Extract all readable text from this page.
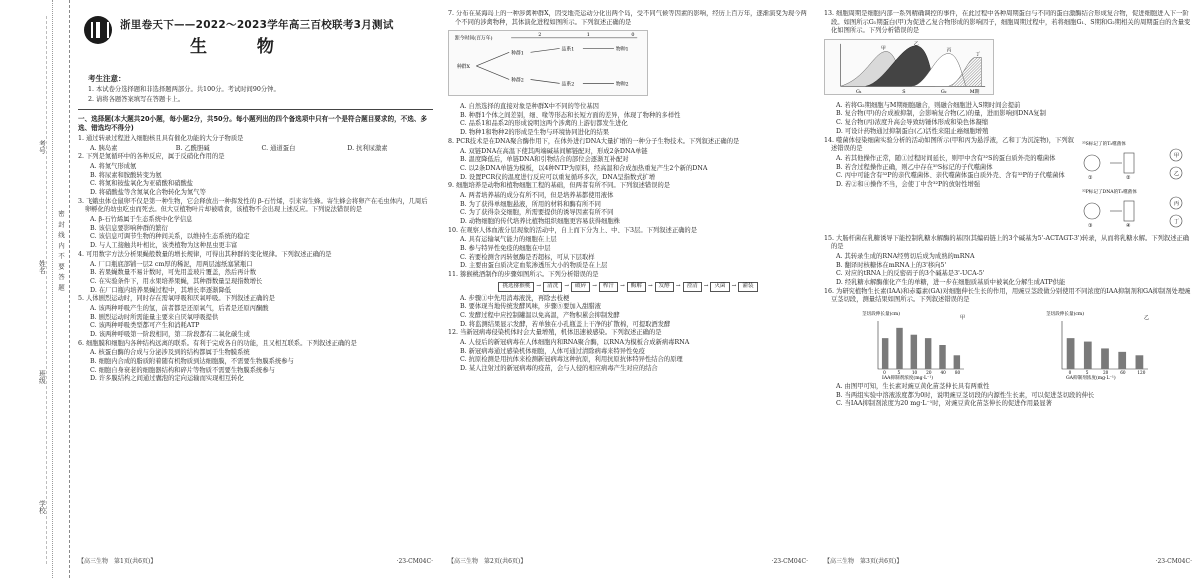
考号
姓名
班级
学校
密 封 线 内 不 要 答 题
浙里卷天下——2022～2023学年高三百校联考3月测试
生 物
考生注意：

1. 本试卷分选择题和非选择题两部分。共100分。考试时间90分钟。

2. 请将各题答案填写在答题卡上。

一、选择题(本大题共20小题，每小题2分，共50分。每小题列出的四个备选项中只有一个是符合题目要求的，不选、多选、错选均不得分)
1. 通过转录过程进入细胞核且具有催化功能的大分子物质是
A. 胰岛素	B. 乙酰胆碱	C. 通道蛋白	D. 抗利尿激素
2. 下列是氮循环中的各种反应，属于反硝化作用的是
A. 将氮气形成氨
B. 将尿素和胺酸转变为氨
C. 将氮和铵盐氧化为亚硝酸和硝酸盐
D. 将硝酸盐等含氮氧化合物转化为氮气等
3. 飞蛾虫体仓鼠卵不仅是第一种生物，它会释放出一种挥发性的 β-石竹烯，引来寄生蜂。寄生蜂会将卵产在毛虫体内，几周后卵孵化的幼虫吃虫而死去。但大豆植物叶片却被啮食，该植物不会出现上述反应。下列说法错误的是
A. β-石竹烯属于生态系统中化学信息
B. 该信息要影响种群的繁衍
C. 该信息可调节生物的种间关系，以维持生态系统的稳定
D. 与人工接触共叶相比，该类植物为这种昆虫更丰富
4. 可用数字方法分析果蝇般数量的增长规律，可得出其种群的变化规律。下列叙述正确的是
A. 厂口瓶底部铺一层2 cm厚的稀泥，用两层滤纸塞紧瓶口
B. 若果蝇数量不易计数时，可先用盖玻片覆盖，然后再计数
C. 在实验条件下，用水果培养果蝇，其种群数量呈现指数增长
D. 在厂口瓶内培养果蝇过程中，其增长率逐渐降低
5. 人体剧烈运动时，同时存在需氧呼吸和厌氧呼吸。下列叙述正确的是
A. 该两种呼吸产生的氢，前者都是还原氧气，后者是还原丙酮酸
B. 剧烈运动时所需能量主要来自厌氧呼吸提供
C. 该两种呼吸类型都可产生和消耗ATP
D. 该两种呼吸第一阶段相同，第二阶段都有二氧化碳生成
6. 细胞膜和细胞内各种结构远离的联系。有利于完成各自的功能，且又相互联系。下列叙述正确的是
A. 核蛋白酶的合成与分泌涉及到的结构都属于生物膜系统
B. 细胞内合成的脂质附着随有机物质到达细胞膜，不需要生物膜系统参与
C. 细胞自身衰老的细胞器结构和碎片等物质不需要生物膜系统参与
D. 许多膜结构之间通过囊泡的定向运输而实现相互转化
【高三生物　第1页(共6页)】	·23-CM04C·
7. 分布在某海岛上的一种涉禽种群X，因受地壳运动分化出两个岛，受不同气候等因素的影响，经历上百万年，逐渐演变为现今两个不同的涉禽物种，其体演化进程如图所示。下列叙述正确的是
距今时间(百万年)
2	1	0
种群X
种群1
种群2
品系1
品系2
物种1
物种2
A. 自然选择的直接对象是种群X中不同的等位基因
B. 种群1个体之间差别，细、喙等形态和长短方面的差异，体现了物种的多样性
C. 品系1和品系2的形成说明这两个涉禽的上游衍都发生进化
D. 物种1和物种2的形成是生物与环境协同进化的结果
8. PCR技术是在DNA聚合酶作用下，在体外进行DNA大量扩增的一种分子生物技术。下列叙述正确的是
A. 双链DNA在高温下使其两端碱基间解链配对，形成2条DNA单链
B. 温度降低后，单链DNA和引物结合的部位会逐渐互补配对
C. 以2条DNA单链为模板，以4种NTP为原料，经高温和合成加热重复产生2个新的DNA
D. 设置PCR仪的温度进行反应可以重复循环多次，DNA呈指数式扩增
9. 细胞培养是动物和植物细胞工程的基础，但两者有所不同。下列叙述错误的是
A. 两者培养基的成分有所不同，但是培养基都使用液体
B. 为了获得单细胞悬液，所用的材料和酶有所不同
C. 为了获得杂交细胞，所需要提供的诱导因素有所不同
D. 动物细胞的传代培养比植物组织细胞更容易获得细胞株
10. 在观察人体血液分层现象的活动中，自上而下分为上、中、下3层。下列叙述正确的是
A. 具有运输氧气能力的细胞在上层
B. 参与特异性免疫的细胞在中层
C. 若要检测含丙转氨酶是否超标，可从下层取样
D. 主要由蛋白质决定血浆渗透压大小的物质是在上层
11. 猕猴桃酒制作的步骤如图所示。下列分析错误的是
挑选猕猴桃	→	清洗	→	破碎	→	榨汁	→	酶解	→	发酵	→	澄清	→	灭菌	→	灌装
A. 步骤①中先用消毒液洗，再除去枝梗
B. 要体现当地传统发酵风味，步骤⑤要加入甜腊液
C. 发酵过程中应控制罐温以免高温，产物积累会抑制发酵
D. 将监测结果显示发酵，若单独在小孔瓶盖上干净的扩散棉，可提取酒发酵
12. 当新冠病毒侵染机体时会大量增殖，机体迅速被感染。下列叙述正确的是
A. 人侵后的新冠病毒在人体细胞内和RNA聚合酶，以RNA为模板合成新病毒RNA
B. 新冠病毒通过感染机体细胞，人体可通过清除病毒来特异性免疫
C. 抗原检测是用抗体来检测新冠病毒这种抗原，利用抗原抗体特异性结合的原理
D. 某人注射过的新冠病毒的疫苗，会与人侵的相应病毒产生对应的结合
【高三生物　第2页(共6页)】	·23-CM04C·
13. 细胞周期是细胞内部一系列精确调控的事件，在此过程中各种周期蛋白与不同的蛋白激酶结合形成复合物，促进细胞进入下一阶段。如图所示G₁期蛋白(甲)为促进乙复合物形成的影响因子，细胞周期过程中，若将细胞G₁、S期和G₂期相关的周期蛋白的含量变化如图所示。下列分析错误的是
甲
乙
丙
丁
G₁	S	G₂	M期
A. 若将G₂期细胞与M期细胞融合，则融合细胞进入S期时间会提前
B. 复合物(甲)的合成被抑制，会影响复合物(乙)的量，进而影响到DNA复制
C. 复合物(丙)浓度升高会导致纺锤体形成和染色体凝缩
D. 可设计药物通过抑制蛋白(乙)活性来阻止癌细胞增殖
14. 噬菌体侵染细菌实验分析的活动如图所示(甲和丙为悬浮液，乙和丁为沉淀物)，下列叙述错误的是
A. 若其他操作正常，随①过程时间延长，则甲中含有³²S的蛋白质外壳的噬菌体
B. 若含过程操作正确，则乙中存在³⁵S标记的子代噬菌体
C. 丙中可能含有³²P的亲代噬菌体、亲代噬菌体蛋白质外壳、含有³²P的子代噬菌体
D. 若②和④操作不当，会使丁中含³²P的放射性增强
³⁵S标记了的T₂噬菌体
①	②
甲
乙
³²P标记了DNA的T₂噬菌体
③	④
丙
丁
15. 大肠杆菌在乳糖诱导下能控制乳糖水解酶的基因(其编码链上的3个碱基为5'-ACTAGT-3')转录，从而将乳糖水解。下列叙述正确的是
A. 其转录生成的RNA经剪切后成为成熟的mRNA
B. 翻译时核糖体在mRNA上的3'移向5'
C. 对应的tRNA上的反密码子的3个碱基是3'-UCA-5'
D. 经乳糖水解酶催化产生的单糖，进一步在细胞质基质中被氧化分解生成ATP供能
16. 为研究植物生长素(IAA)和赤霉素(GA)对细胞伸长生长的作用，用豌豆茎段做分别使用不同浓度的IAA抑制剂和GA抑制剂处理豌豆茎切段，测量结果如图所示。下列叙述错误的是
茎切段伸长量(cm)
IAA抑制剂浓度(mg·L⁻¹)
甲
0	5	10 20 40 80
茎切段伸长量(cm)
GA抑制剂浓度(mg·L⁻¹)
乙
0	5	20	60	120
A. 由图甲可知，生长素对豌豆黄化苗茎伸长具有两重性
B. 当两组实验中溶液浓度都为0时，说明豌豆茎切段的内源性生长素，可以促进茎切段的伸长
C. 当IAA抑制剂浓度为20 mg·L⁻¹时，对豌豆黄化苗茎伸长的促进作用最显著
【高三生物　第3页(共6页)】	·23-CM04C·
